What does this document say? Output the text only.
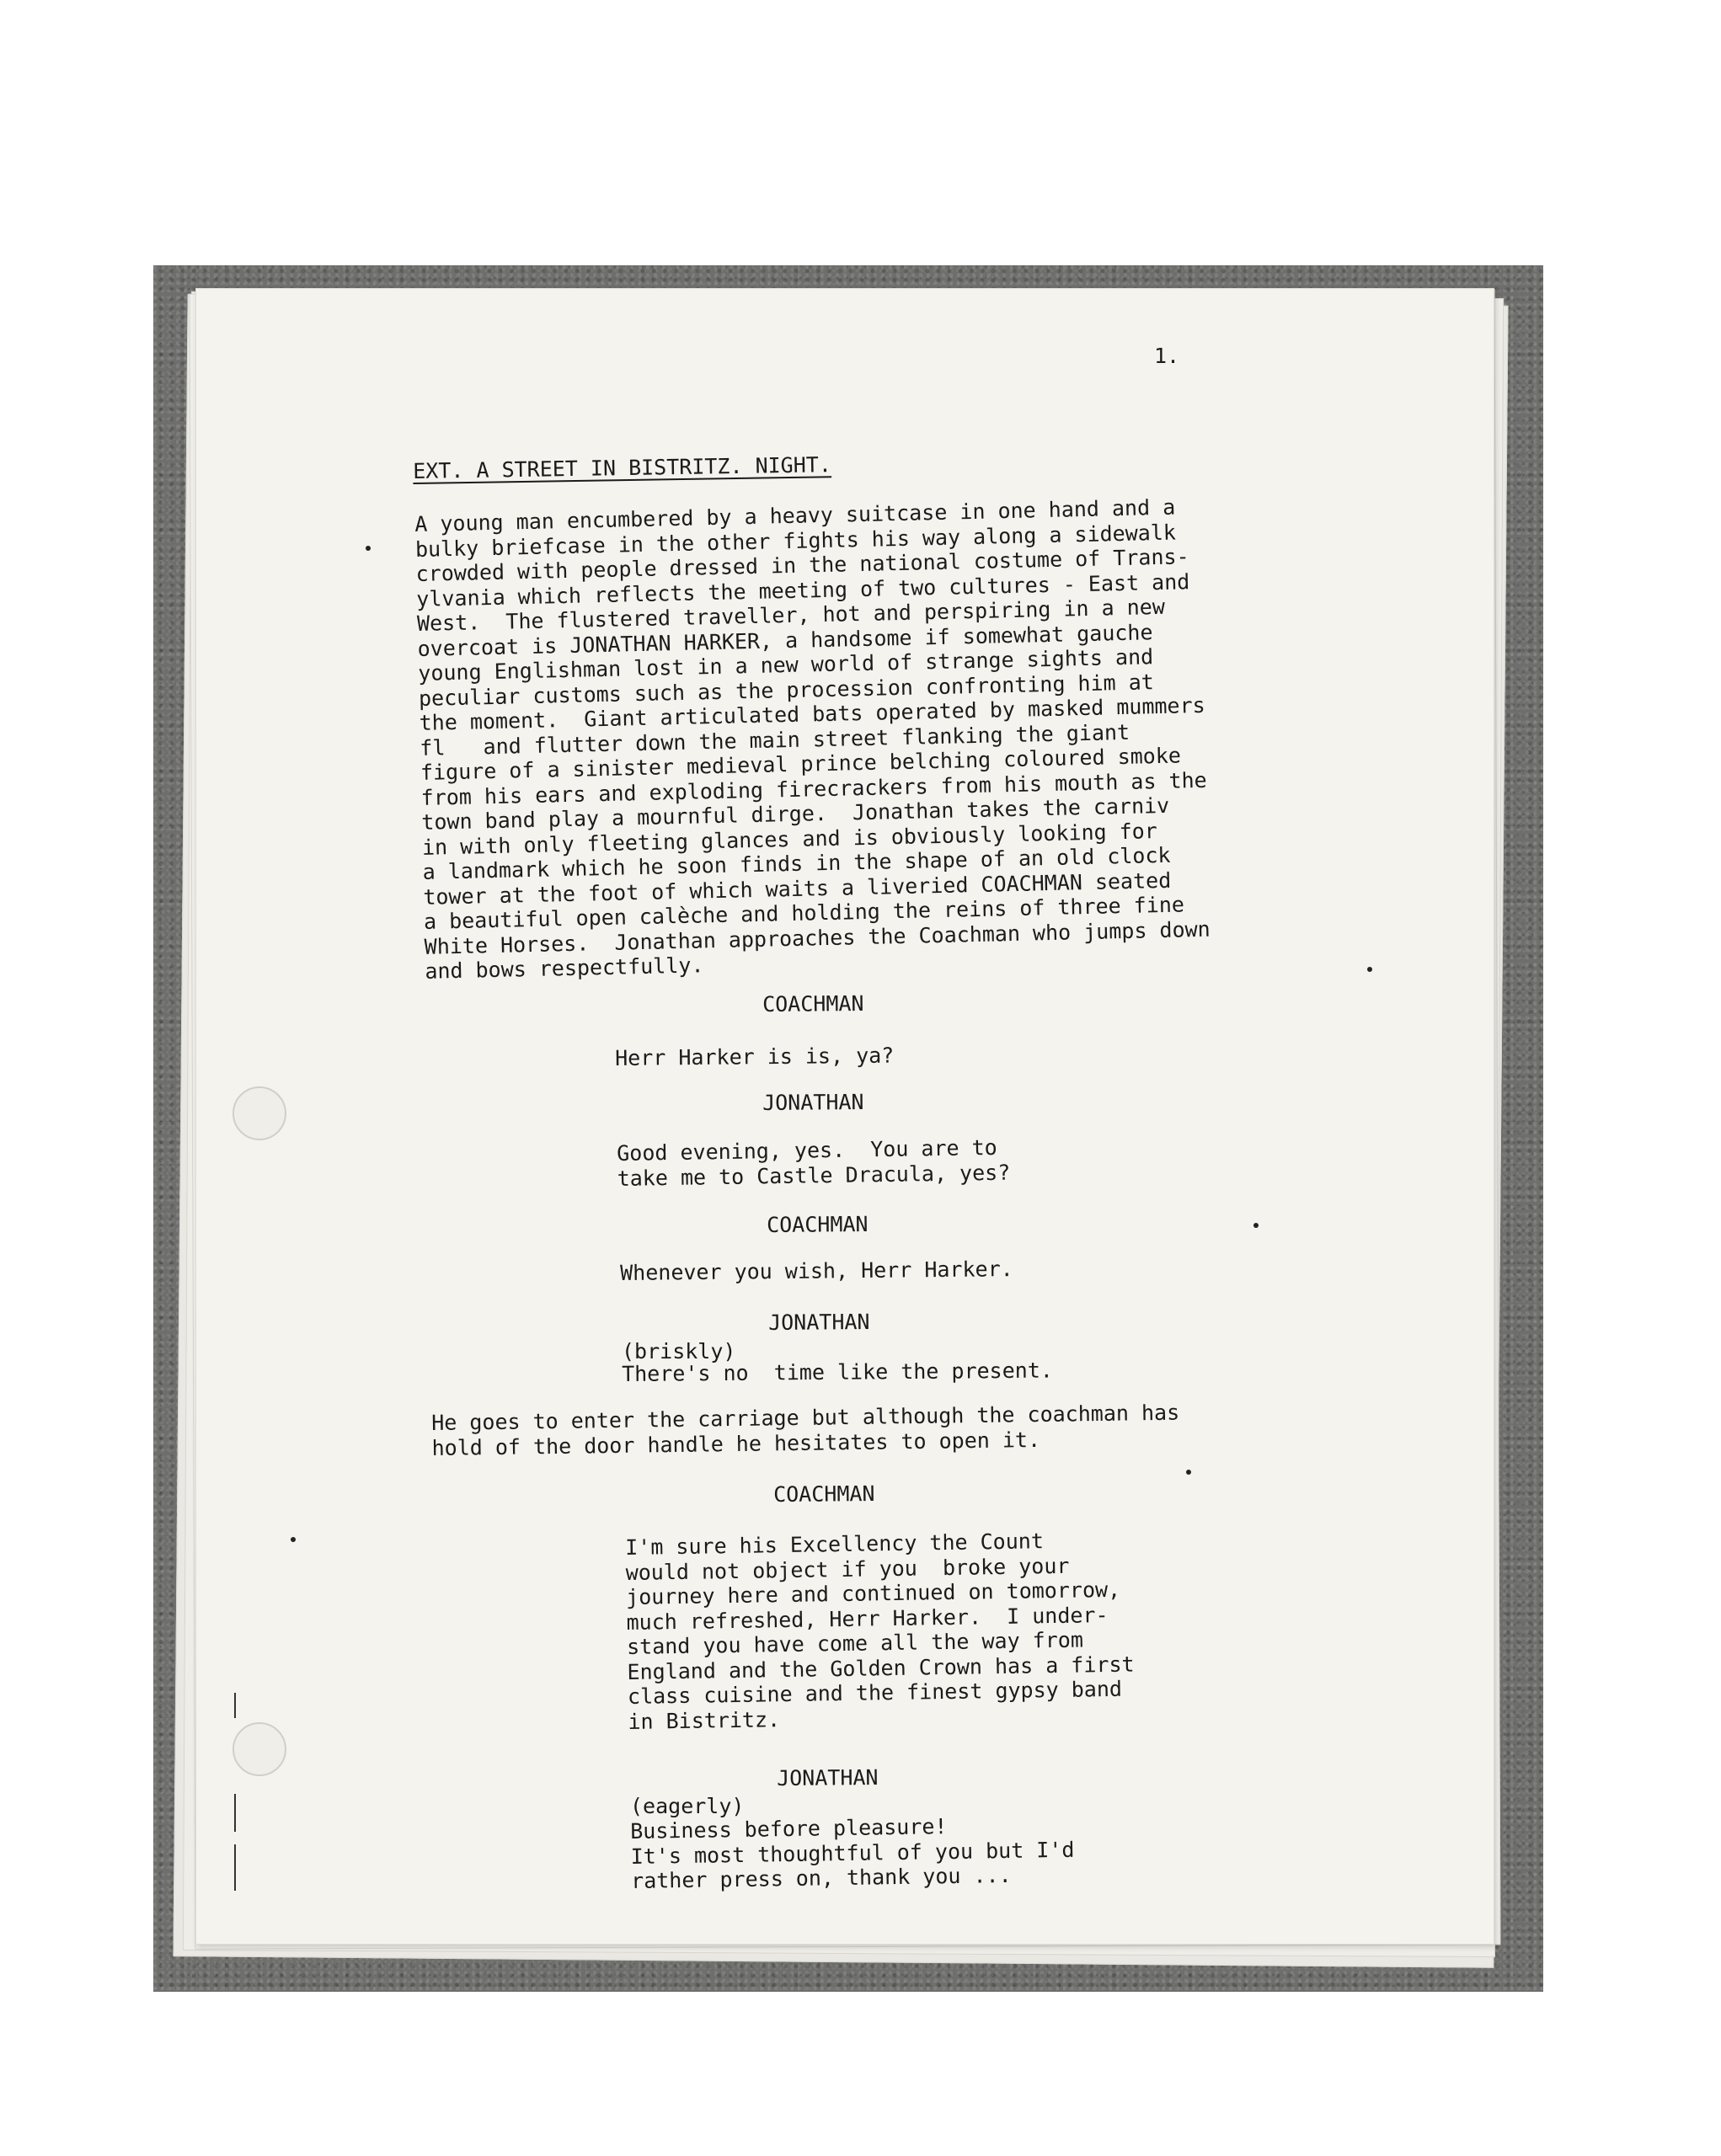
1.

EXT. A STREET IN BISTRITZ. NIGHT.

A young man encumbered by a heavy suitcase in one hand and a
bulky briefcase in the other fights his way along a sidewalk
crowded with people dressed in the national costume of Trans-
ylvania which reflects the meeting of two cultures - East and
West.  The flustered traveller, hot and perspiring in a new
overcoat is JONATHAN HARKER, a handsome if somewhat gauche
young Englishman lost in a new world of strange sights and
peculiar customs such as the procession confronting him at
the moment.  Giant articulated bats operated by masked mummers
fl   and flutter down the main street flanking the giant
figure of a sinister medieval prince belching coloured smoke
from his ears and exploding firecrackers from his mouth as the
town band play a mournful dirge.  Jonathan takes the carniv
in with only fleeting glances and is obviously looking for
a landmark which he soon finds in the shape of an old clock
tower at the foot of which waits a liveried COACHMAN seated
a beautiful open calèche and holding the reins of three fine
White Horses.  Jonathan approaches the Coachman who jumps down
and bows respectfully.

COACHMAN

Herr Harker is is, ya?

JONATHAN

Good evening, yes.  You are to
take me to Castle Dracula, yes?

COACHMAN

Whenever you wish, Herr Harker.

JONATHAN

(briskly)

There's no  time like the present.

He goes to enter the carriage but although the coachman has
hold of the door handle he hesitates to open it.

COACHMAN

I'm sure his Excellency the Count
would not object if you  broke your
journey here and continued on tomorrow,
much refreshed, Herr Harker.  I under-
stand you have come all the way from
England and the Golden Crown has a first
class cuisine and the finest gypsy band
in Bistritz.

JONATHAN

(eagerly)

Business before pleasure!
It's most thoughtful of you but I'd
rather press on, thank you ...
